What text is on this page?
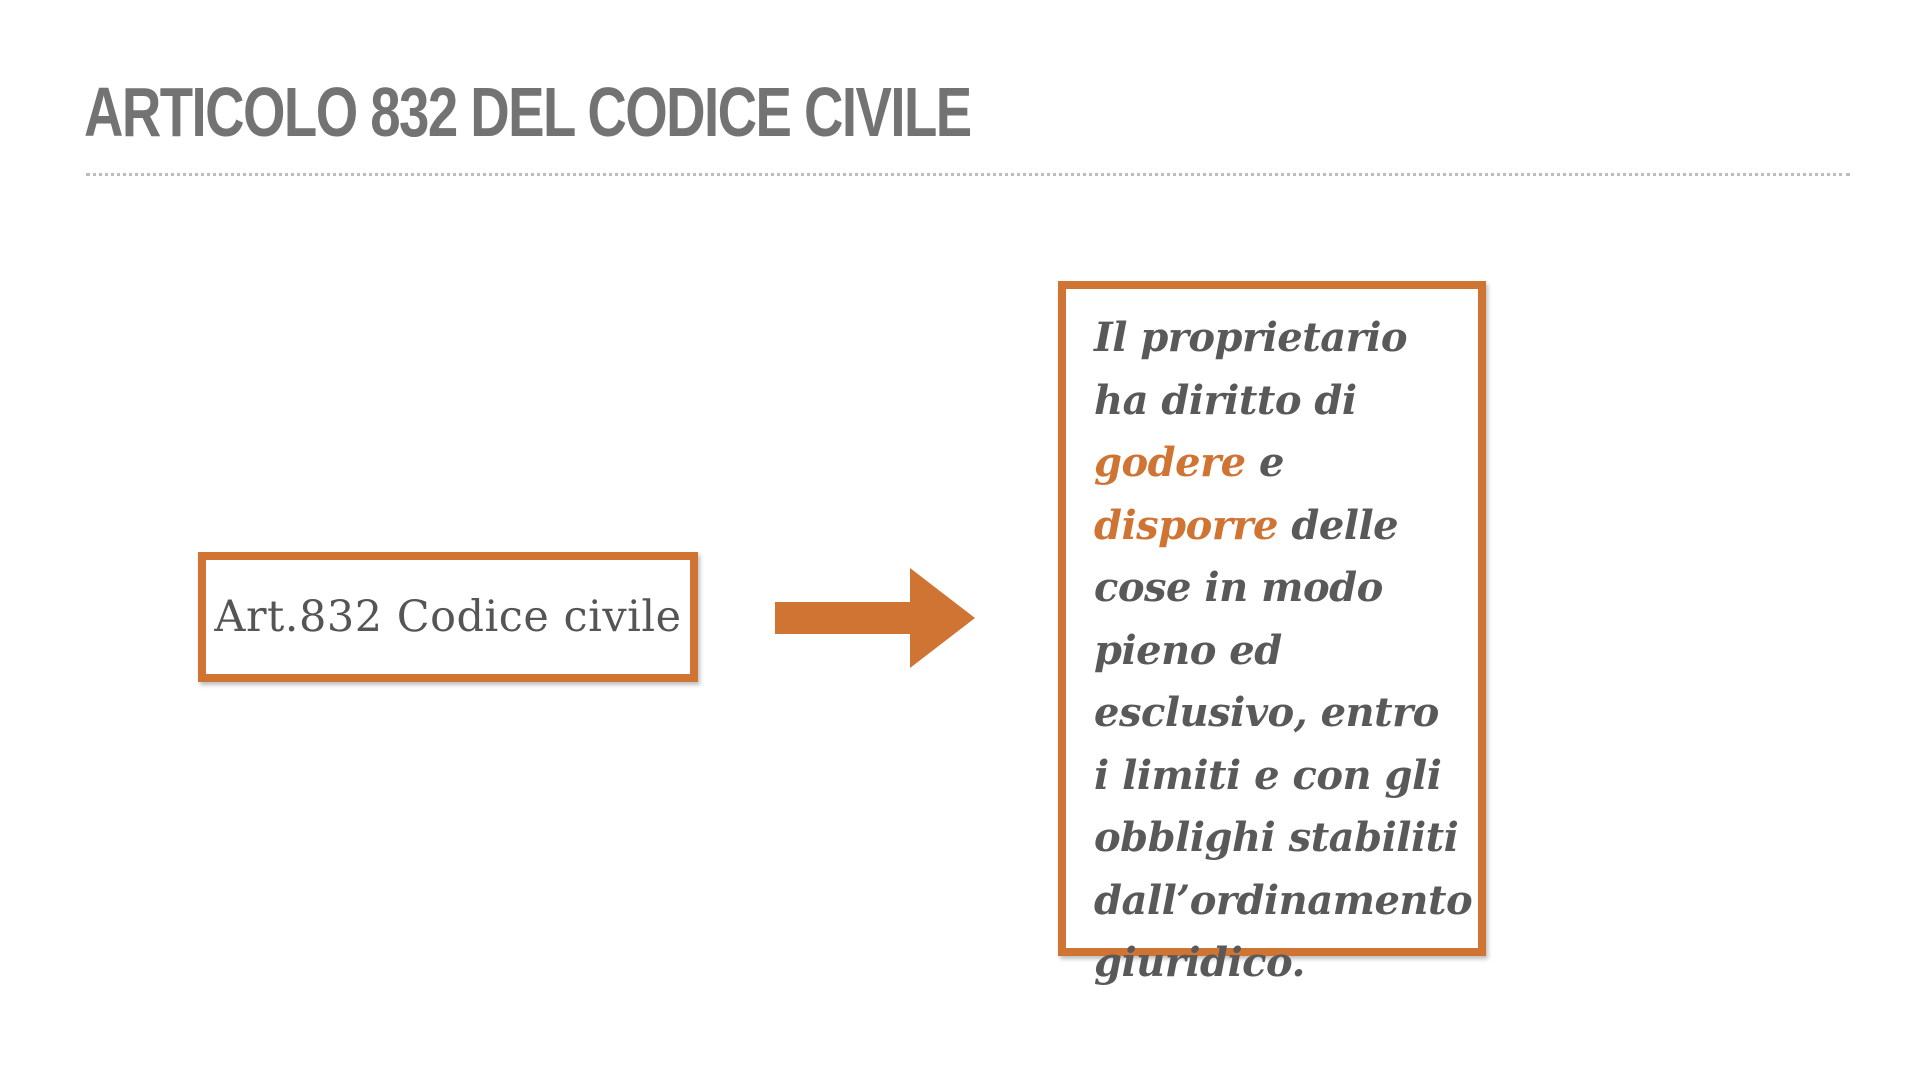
ARTICOLO 832 DEL CODICE CIVILE
Art.832 Codice civile

Il proprietario ha diritto di godere e disporre delle cose in modo pieno ed esclusivo, entro i limiti e con gli obblighi stabiliti dall’ordinamento giuridico.
